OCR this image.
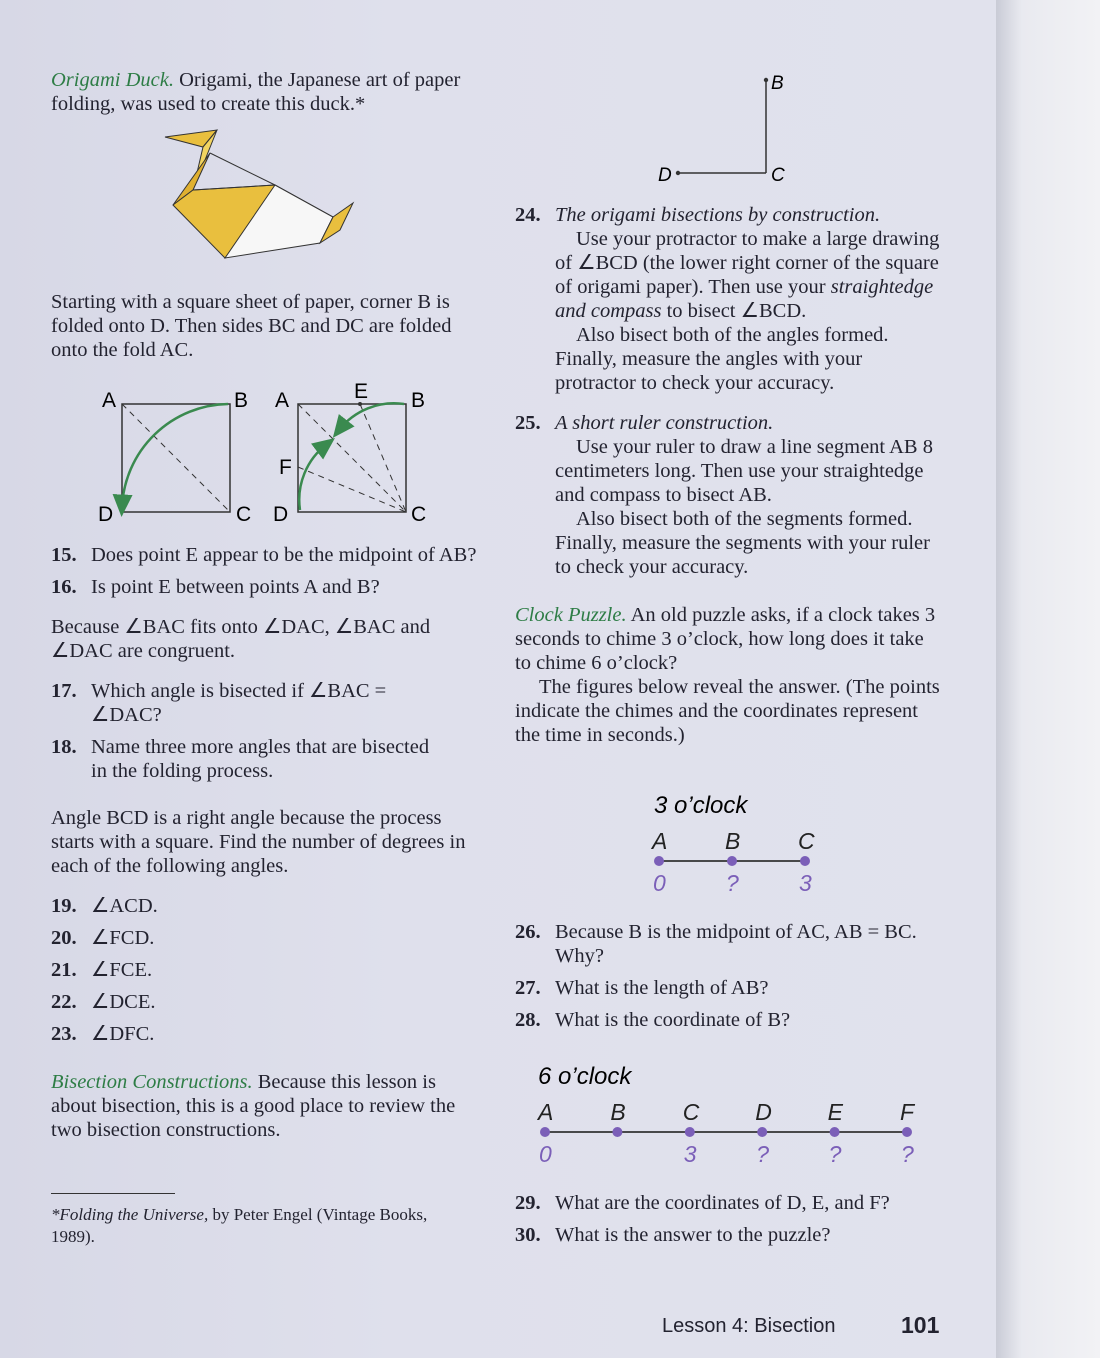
Origami Duck. Origami, the Japanese art of paper folding, was used to create this duck.*

Starting with a square sheet of paper, corner B is folded onto D. Then sides BC and DC are folded onto the fold AC.

A	B
D	C
A	B
E
F
D	C

15. Does point E appear to be the midpoint of AB?

16. Is point E between points A and B?

Because ∠BAC fits onto ∠DAC, ∠BAC and ∠DAC are congruent.

17. Which angle is bisected if ∠BAC = ∠DAC?

18. Name three more angles that are bisected in the folding process.

Angle BCD is a right angle because the process starts with a square. Find the number of degrees in each of the following angles.

19. ∠ACD.

20. ∠FCD.

21. ∠FCE.

22. ∠DCE.

23. ∠DFC.

Bisection Constructions. Because this lesson is about bisection, this is a good place to review the two bisection constructions.

*Folding the Universe, by Peter Engel (Vintage Books, 1989).
B
C
D

24. The origami bisections by construction.

Use your protractor to make a large drawing of ∠BCD (the lower right corner of the square of origami paper). Then use your straightedge and compass to bisect ∠BCD.

Also bisect both of the angles formed. Finally, measure the angles with your protractor to check your accuracy.

25. A short ruler construction.

Use your ruler to draw a line segment AB 8 centimeters long. Then use your straightedge and compass to bisect AB.

Also bisect both of the segments formed. Finally, measure the segments with your ruler to check your accuracy.

Clock Puzzle. An old puzzle asks, if a clock takes 3 seconds to chime 3 o’clock, how long does it take to chime 6 o’clock?

The figures below reveal the answer. (The points indicate the chimes and the coordinates represent the time in seconds.)

3 o’clock
A
0
B
?
C
3

26. Because B is the midpoint of AC, AB = BC. Why?

27. What is the length of AB?

28. What is the coordinate of B?

6 o’clock
A
0
B C
3
D
?
E
?
F
?

29. What are the coordinates of D, E, and F?

30. What is the answer to the puzzle?

Lesson 4: Bisection	101
